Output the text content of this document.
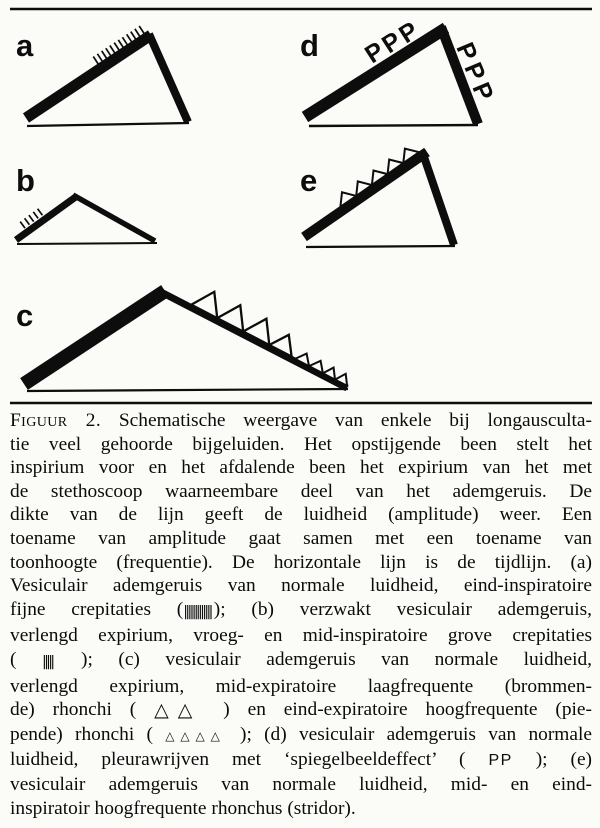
a	d P
P
P
P
P
P
b	e
c
Figuur 2. Schematische weergave van enkele bij longausculta-
tie veel gehoorde bijgeluiden. Het opstijgende been stelt het
inspirium voor en het afdalende been het expirium van het met
de stethoscoop waarneembare deel van het ademgeruis. De
dikte van de lijn geeft de luidheid (amplitude) weer. Een
toename van amplitude gaat samen met een toename van
toonhoogte (frequentie). De horizontale lijn is de tijdlijn. (a)
Vesiculair ademgeruis van normale luidheid, eind-inspiratoire
fijne crepitaties (||||||||||||| ); (b) verzwakt vesiculair ademgeruis,
verlengd expirium, vroeg- en mid-inspiratoire grove crepitaties
( ||||| ); (c) vesiculair ademgeruis van normale luidheid,
verlengd expirium, mid-expiratoire laagfrequente (brommen-
de) rhonchi ( △△ ) en eind-expiratoire hoogfrequente (pie-
pende) rhonchi ( △△△△ ); (d) vesiculair ademgeruis van normale
luidheid, pleurawrijven met ‘spiegelbeeldeffect’ ( PP ); (e)
vesiculair ademgeruis van normale luidheid, mid- en eind-
inspiratoir hoogfrequente rhonchus (stridor).
